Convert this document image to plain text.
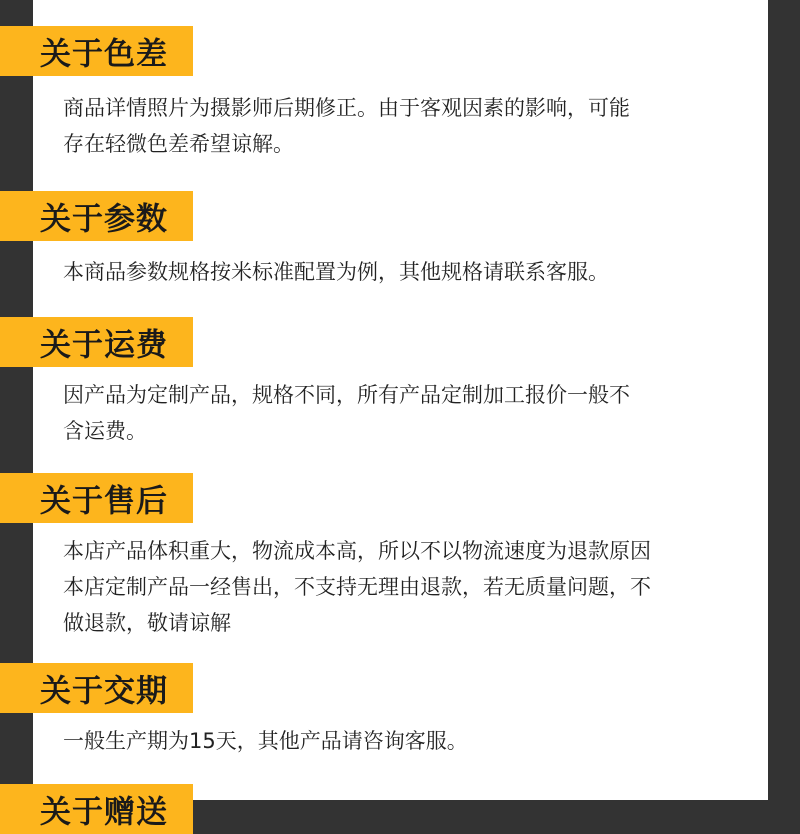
关于色差
商品详情照片为摄影师后期修正。由于客观因素的影响，可能
存在轻微色差希望谅解。
关于参数
本商品参数规格按米标准配置为例，其他规格请联系客服。
关于运费
因产品为定制产品，规格不同，所有产品定制加工报价一般不
含运费。
关于售后
本店产品体积重大，物流成本高，所以不以物流速度为退款原因
本店定制产品一经售出，不支持无理由退款，若无质量问题，不
做退款，敬请谅解
关于交期
一般生产期为15天，其他产品请咨询客服。
关于赠送
